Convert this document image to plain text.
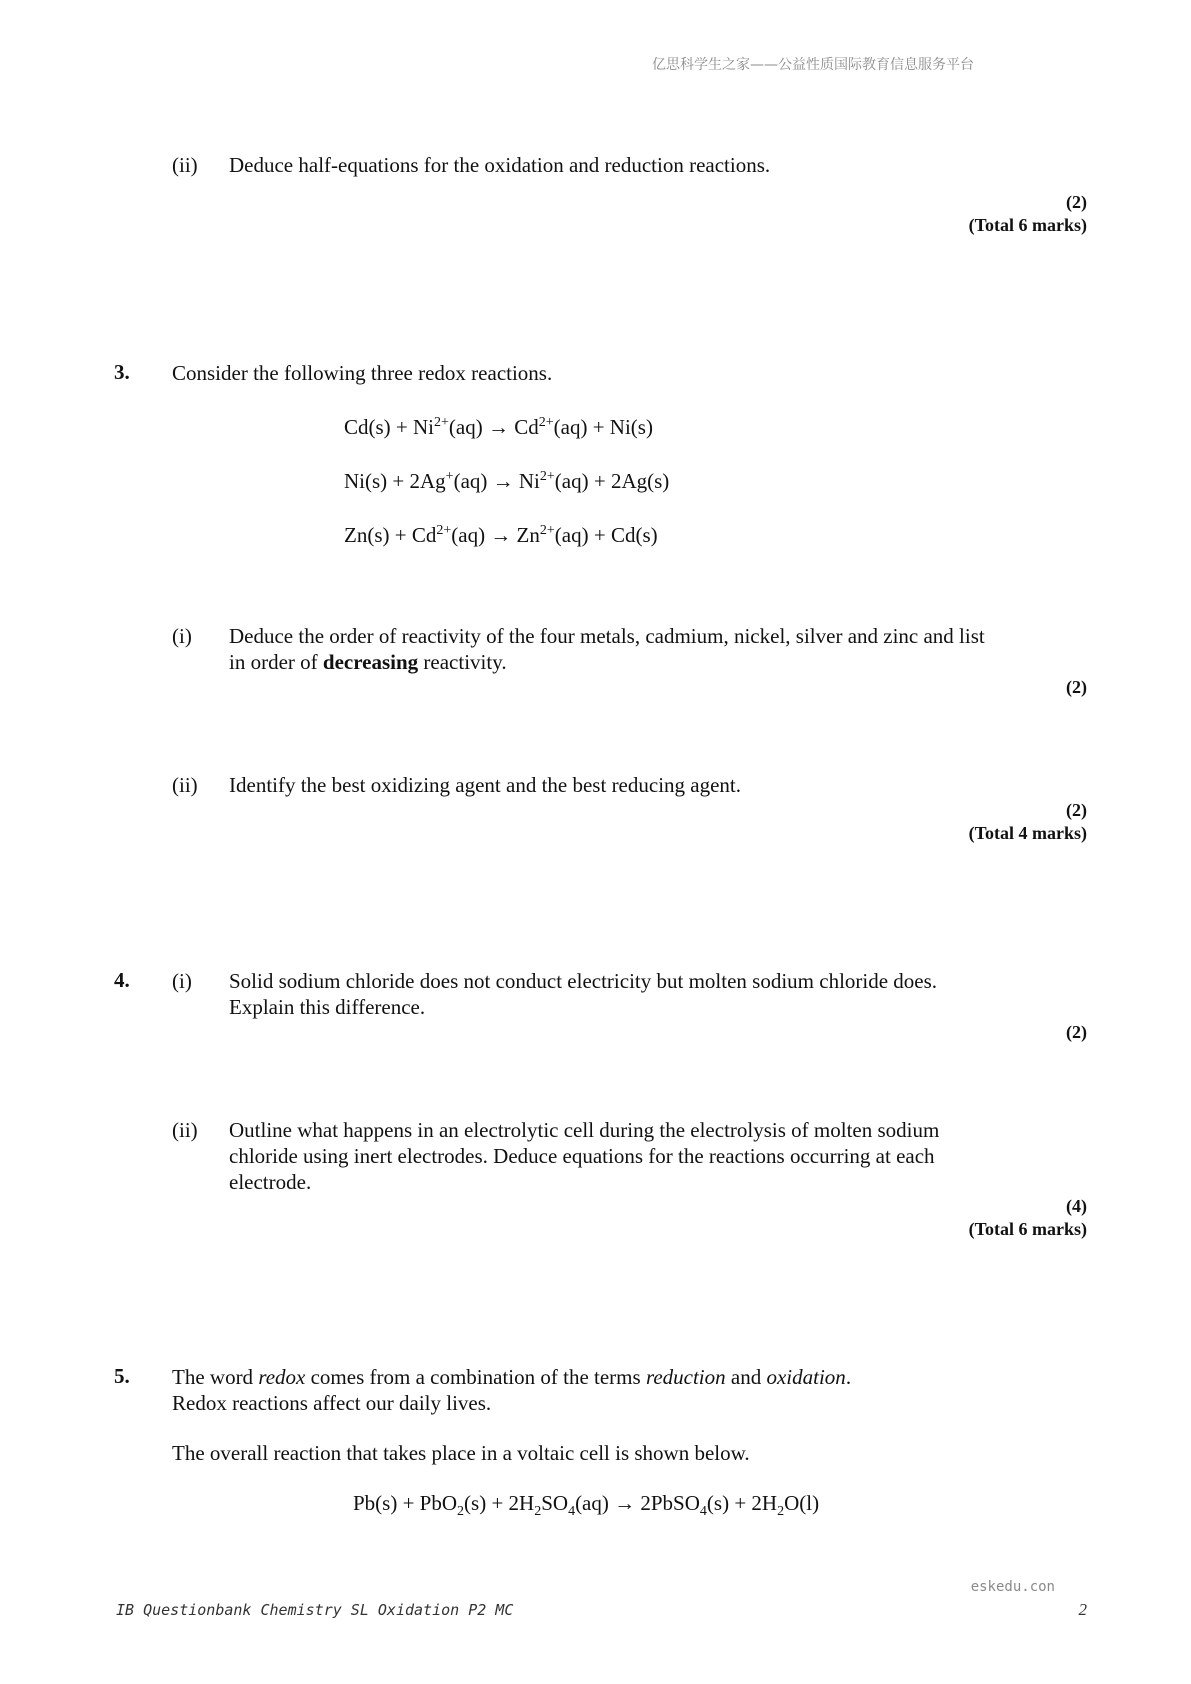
亿思科学生之家——公益性质国际教育信息服务平台
(ii) Deduce half-equations for the oxidation and reduction reactions.
(2)
(Total 6 marks)
3. Consider the following three redox reactions.
$Cd(s) + Ni^{2+}(aq) \to Cd^{2+}(aq) + Ni(s)$
$Ni(s) + 2Ag^+(aq) \to Ni^{2+}(aq) + 2Ag(s)$
$Zn(s) + Cd^{2+}(aq) \to Zn^{2+}(aq) + Cd(s)$
(i) Deduce the order of reactivity of the four metals, cadmium, nickel, silver and zinc and list
in order of decreasing reactivity.
(2)
(ii) Identify the best oxidizing agent and the best reducing agent.
(2)
(Total 4 marks)
4. (i) Solid sodium chloride does not conduct electricity but molten sodium chloride does.
Explain this difference.
(2)
(ii) Outline what happens in an electrolytic cell during the electrolysis of molten sodium
chloride using inert electrodes. Deduce equations for the reactions occurring at each
electrode.
(4)
(Total 6 marks)
5. The word redox comes from a combination of the terms reduction and oxidation.
Redox reactions affect our daily lives.
The overall reaction that takes place in a voltaic cell is shown below.
$Pb(s) + PbO_2(s) + 2H_2SO_4(aq)$ → 2PbSO$_4$(s) + $2H_2O(l)$
eskedu.con
IB Questionbank Chemistry SL Oxidation P2 MC	2
